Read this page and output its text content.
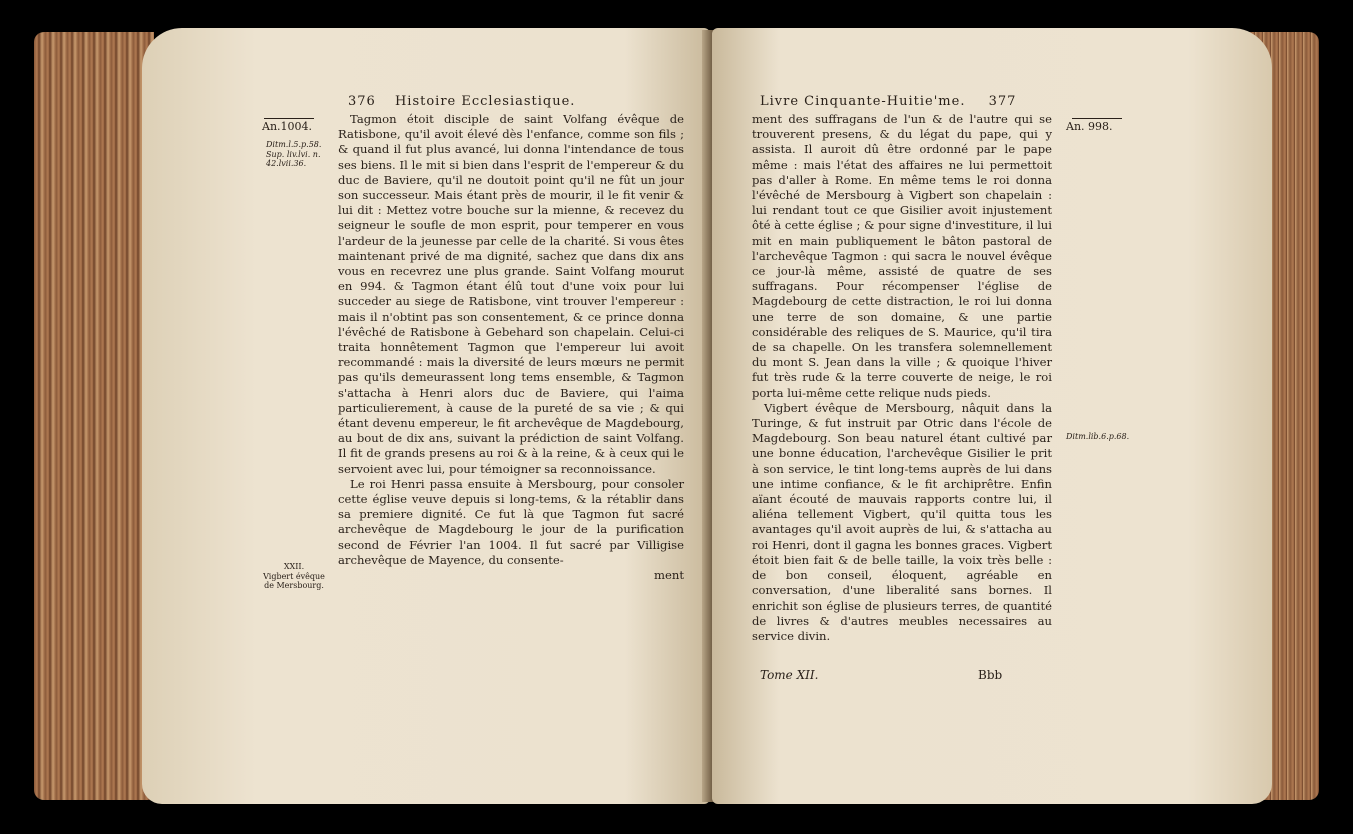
376 Histoire Ecclesiastique.
An.1004.
Ditm.l.5.p.58.
Sup. liv.lvi. n.
42.lvii.36.
XXII.
Vigbert évêque
de Mersbourg.

Tagmon étoit disciple de saint Volfang évêque de Ratisbone, qu'il avoit élevé dès l'enfance, comme son fils ; & quand il fut plus avancé, lui donna l'intendance de tous ses biens. Il le mit si bien dans l'esprit de l'empereur & du duc de Baviere, qu'il ne doutoit point qu'il ne fût un jour son successeur. Mais étant près de mourir, il le fit venir & lui dit : Mettez votre bouche sur la mienne, & recevez du seigneur le soufle de mon esprit, pour temperer en vous l'ardeur de la jeunesse par celle de la charité. Si vous êtes maintenant privé de ma dignité, sachez que dans dix ans vous en recevrez une plus grande. Saint Volfang mourut en 994. & Tagmon étant élû tout d'une voix pour lui succeder au siege de Ratisbone, vint trouver l'empereur : mais il n'obtint pas son consentement, & ce prince donna l'évêché de Ratisbone à Gebehard son chapelain. Celui-ci traita honnêtement Tagmon que l'empereur lui avoit recommandé : mais la diversité de leurs mœurs ne permit pas qu'ils demeurassent long tems ensemble, & Tagmon s'attacha à Henri alors duc de Baviere, qui l'aima particulierement, à cause de la pureté de sa vie ; & qui étant devenu empereur, le fit archevêque de Magdebourg, au bout de dix ans, suivant la prédiction de saint Volfang. Il fit de grands presens au roi & à la reine, & à ceux qui le servoient avec lui, pour témoigner sa reconnoissance.

Le roi Henri passa ensuite à Mersbourg, pour consoler cette église veuve depuis si long-tems, & la rétablir dans sa premiere dignité. Ce fut là que Tagmon fut sacré archevêque de Magdebourg le jour de la purification second de Février l'an 1004. Il fut sacré par Villigise archevêque de Mayence, du consente-

ment

Livre Cinquante-Huitie'me. 377
An. 998.
Ditm.lib.6.p.68.

ment des suffragans de l'un & de l'autre qui se trouverent presens, & du légat du pape, qui y assista. Il auroit dû être ordonné par le pape même : mais l'état des affaires ne lui permettoit pas d'aller à Rome. En même tems le roi donna l'évêché de Mersbourg à Vigbert son chapelain : lui rendant tout ce que Gisilier avoit injustement ôté à cette église ; & pour signe d'investiture, il lui mit en main publiquement le bâton pastoral de l'archevêque Tagmon : qui sacra le nouvel évêque ce jour-là même, assisté de quatre de ses suffragans. Pour récompenser l'église de Magdebourg de cette distraction, le roi lui donna une terre de son domaine, & une partie considérable des reliques de S. Maurice, qu'il tira de sa chapelle. On les transfera solemnellement du mont S. Jean dans la ville ; & quoique l'hiver fut très rude & la terre couverte de neige, le roi porta lui-même cette relique nuds pieds.

Vigbert évêque de Mersbourg, nâquit dans la Turinge, & fut instruit par Otric dans l'école de Magdebourg. Son beau naturel étant cultivé par une bonne éducation, l'archevêque Gisilier le prit à son service, le tint long-tems auprès de lui dans une intime confiance, & le fit archiprêtre. Enfin aïant écouté de mauvais rapports contre lui, il aliéna tellement Vigbert, qu'il quitta tous les avantages qu'il avoit auprès de lui, & s'attacha au roi Henri, dont il gagna les bonnes graces. Vigbert étoit bien fait & de belle taille, la voix très belle : de bon conseil, éloquent, agréable en conversation, d'une liberalité sans bornes. Il enrichit son église de plusieurs terres, de quantité de livres & d'autres meubles necessaires au service divin.

Tome XII.	Bbb
